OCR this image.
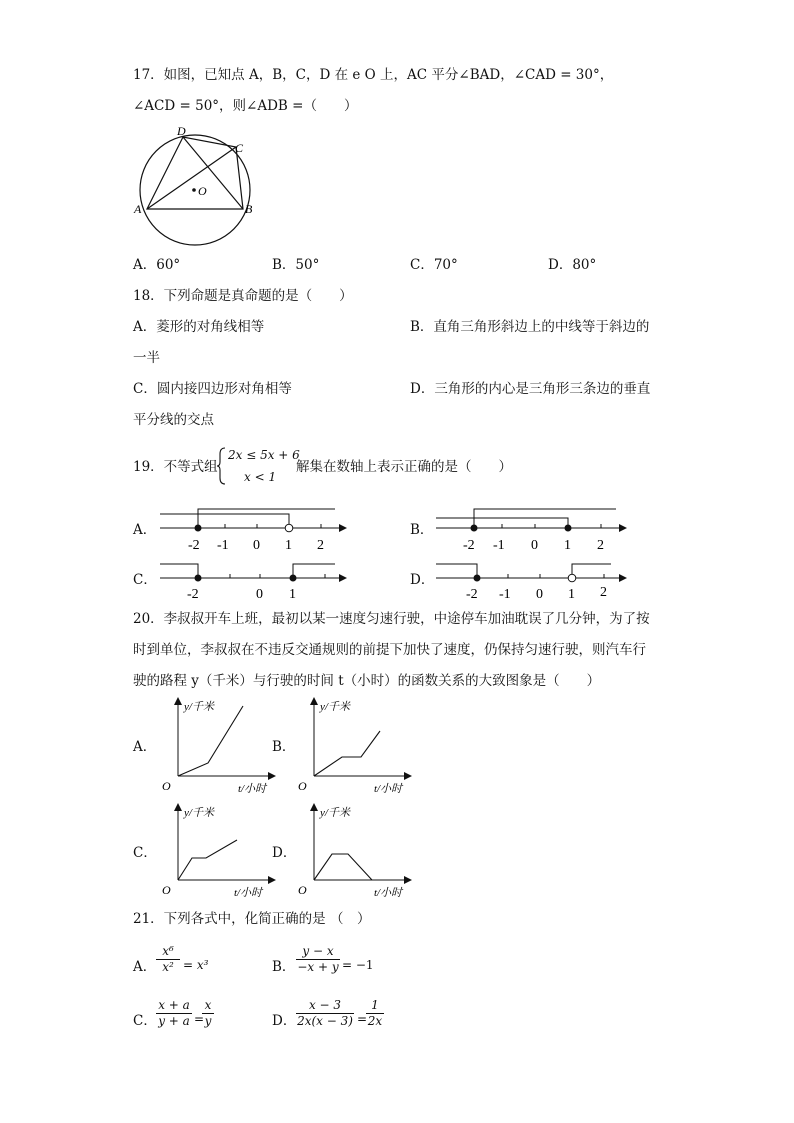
17．如图，已知点 A，B，C，D 在 e O 上，AC 平分∠BAD，∠CAD = 30°，
∠ACD = 50°，则∠ADB =（　　）
D
C
O
A	B
A．60°	B．50°	C．70°	D．80°
18．下列命题是真命题的是（　　）
A．菱形的对角线相等	B．直角三角形斜边上的中线等于斜边的
一半
C．圆内接四边形对角相等	D．三角形的内心是三角形三条边的垂直
平分线的交点
19．不等式组
2x ≤ 5x + 6
x < 1
解集在数轴上表示正确的是（　　）
A．
-2 -1 0 1 2
B．
-2 -1 0 1 2
C．
-2	0 1
D．
-2 -1 0 1 2
20．李叔叔开车上班，最初以某一速度匀速行驶，中途停车加油耽误了几分钟，为了按
时到单位，李叔叔在不违反交通规则的前提下加快了速度，仍保持匀速行驶，则汽车行
驶的路程 y（千米）与行驶的时间 t（小时）的函数关系的大致图象是（　　）
A．
y/千米
O	t/小时
B．
y/千米
O	t/小时
C．
y/千米
O	t/小时
D．
y/千米
O	t/小时
21．下列各式中，化简正确的是 （　）
A． $\frac{\text{x⁶}}{\text{x²}} = x^3$	B． $\frac{y - x}{-x + y} = -1$
C． $\frac{x + a}{y + a}$ =
$\frac{x}{y}$	D． $\frac{x - 3}{2x(x - 3)}$ =
$\frac{1}{2x}$
